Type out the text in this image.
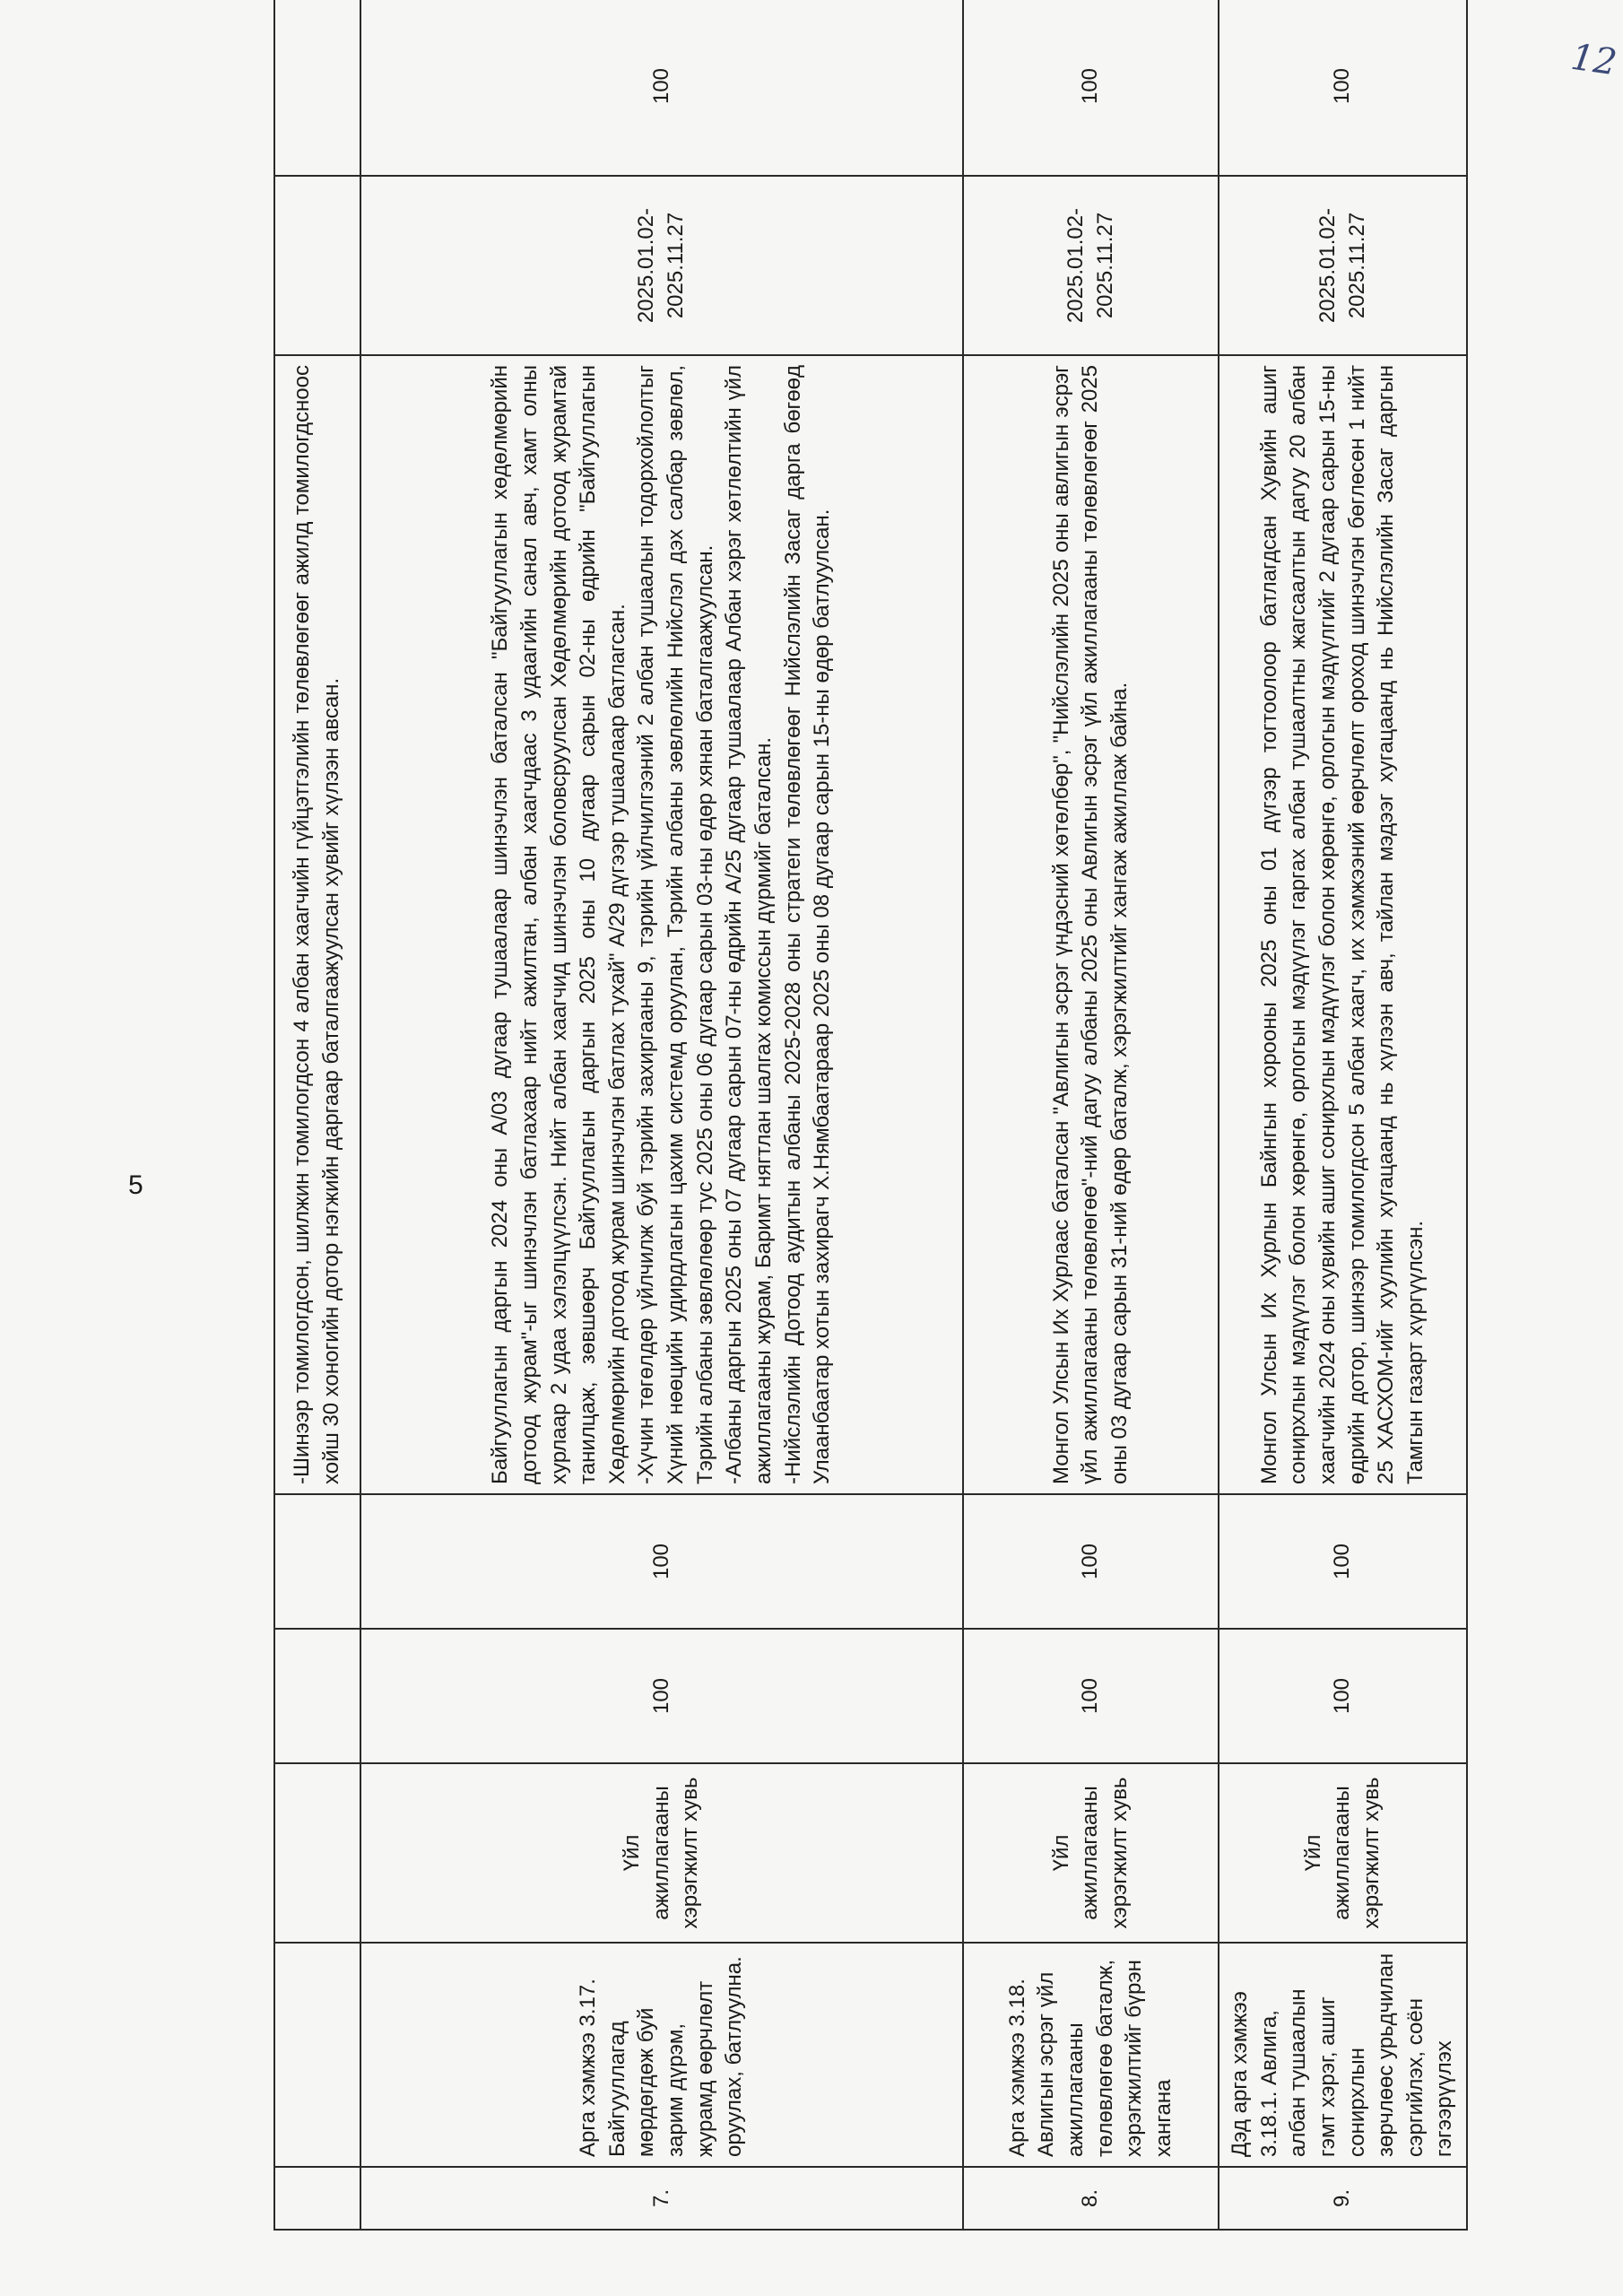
12
5

					-Шинээр томилогдсон, шилжин томилогдсон 4 албан хаагчийн гүйцэтгэлийн төлөвлөгөөг ажилд томилогдсноос хойш 30 хоногийн дотор нэгжийн даргаар баталгаажуулсан хувийг хүлээн авсан.		

7.	Арга хэмжээ 3.17. Байгууллагад мөрдөгдөж буй зарим дүрэм, журамд өөрчлөлт оруулах, батлуулна.	Үйл ажиллагааны хэрэгжилт хувь	100	100	Байгууллагын даргын 2024 оны А/03 дугаар тушаалаар шинэчлэн баталсан "Байгууллагын хөдөлмөрийн дотоод журам"-ыг шинэчлэн батлахаар нийт ажилтан, албан хаагчдаас 3 удаагийн санал авч, хамт олны хурлаар 2 удаа хэлэлцүүлсэн. Нийт албан хаагчид шинэчлэн боловсруулсан Хөдөлмөрийн дотоод журамтай танилцаж, зөвшөөрч Байгууллагын даргын 2025 оны 10 дугаар сарын 02-ны өдрийн "Байгууллагын Хөдөлмөрийн дотоод журам шинэчлэн батлах тухай" А/29 дүгээр тушаалаар батлагсан. -Хүчин төгөлдөр үйлчилж буй тэрийн захиргааны 9, тэрийн үйлчилгээний 2 албан тушаалын тодорхойлолтыг Хүний нөөцийн удирдлагын цахим системд оруулан, Тэрийн албаны зөвлөлийн Нийслэл дэх салбар зөвлөл, Тэрийн албаны зөвлөлөөр тус 2025 оны 06 дугаар сарын 03-ны өдөр хянан баталгаажуулсан. -Албаны даргын 2025 оны 07 дугаар сарын 07-ны өдрийн А/25 дугаар тушаалаар Албан хэрэг хөтлөлтийн үйл ажиллагааны журам, Баримт нягтлан шалгах комиссын дүрмийг баталсан. -Нийслэлийн Дотоод аудитын албаны 2025-2028 оны стратеги төлөвлөгөөг Нийслэлийн Засаг дарга бөгөөд Улаанбаатар хотын захирагч Х.Нямбаатараар 2025 оны 08 дугаар сарын 15-ны өдөр батлуулсан.	2025.01.02-2025.11.27	100
8.	Арга хэмжээ 3.18. Авлигын эсрэг үйл ажиллагааны төлөвлөгөө баталж, хэрэгжилтийг бүрэн хангана	Үйл ажиллагааны хэрэгжилт хувь	100	100	Монгол Улсын Их Хурлаас баталсан "Авлигын эсрэг үндэсний хөтөлбөр", "Нийслэлийн 2025 оны авлигын эсрэг үйл ажиллагааны төлөвлөгөө"-ний дагуу албаны 2025 оны Авлигын эсрэг үйл ажиллагааны төлөвлөгөөг 2025 оны 03 дугаар сарын 31-ний өдөр баталж, хэрэгжилтийг хангаж ажиллаж байна.	2025.01.02-2025.11.27	100
9.	Дэд арга хэмжээ 3.18.1. Авлига, албан тушаалын гэмт хэрэг, ашиг сонирхлын зөрчлөөс урьдчилан сэргийлэх, соён гэгээрүүлэх	Үйл ажиллагааны хэрэгжилт хувь	100	100	Монгол Улсын Их Хурлын Байнгын хорооны 2025 оны 01 дүгээр тогтоолоор батлагдсан Хувийн ашиг сонирхлын мэдүүлэг болон хөрөнгө, орлогын мэдүүлэг гаргах албан тушаалтны жагсаалтын дагуу 20 албан хаагчийн 2024 оны хувийн ашиг сонирхлын мэдүүлэг болон хөрөнгө, орлогын мэдүүлгийг 2 дугаар сарын 15-ны өдрийн дотор, шинээр томилогдсон 5 албан хаагч, их хэмжээний өөрчлөлт ороход шинэчлэн бөглөсөн 1 нийт 25 ХАСХОМ-ийг хуулийн хугацаанд нь хүлээн авч, тайлан мэдээг хугацаанд нь Нийслэлийн Засаг даргын Тамгын газарт хүргүүлсэн.	2025.01.02-2025.11.27	100
